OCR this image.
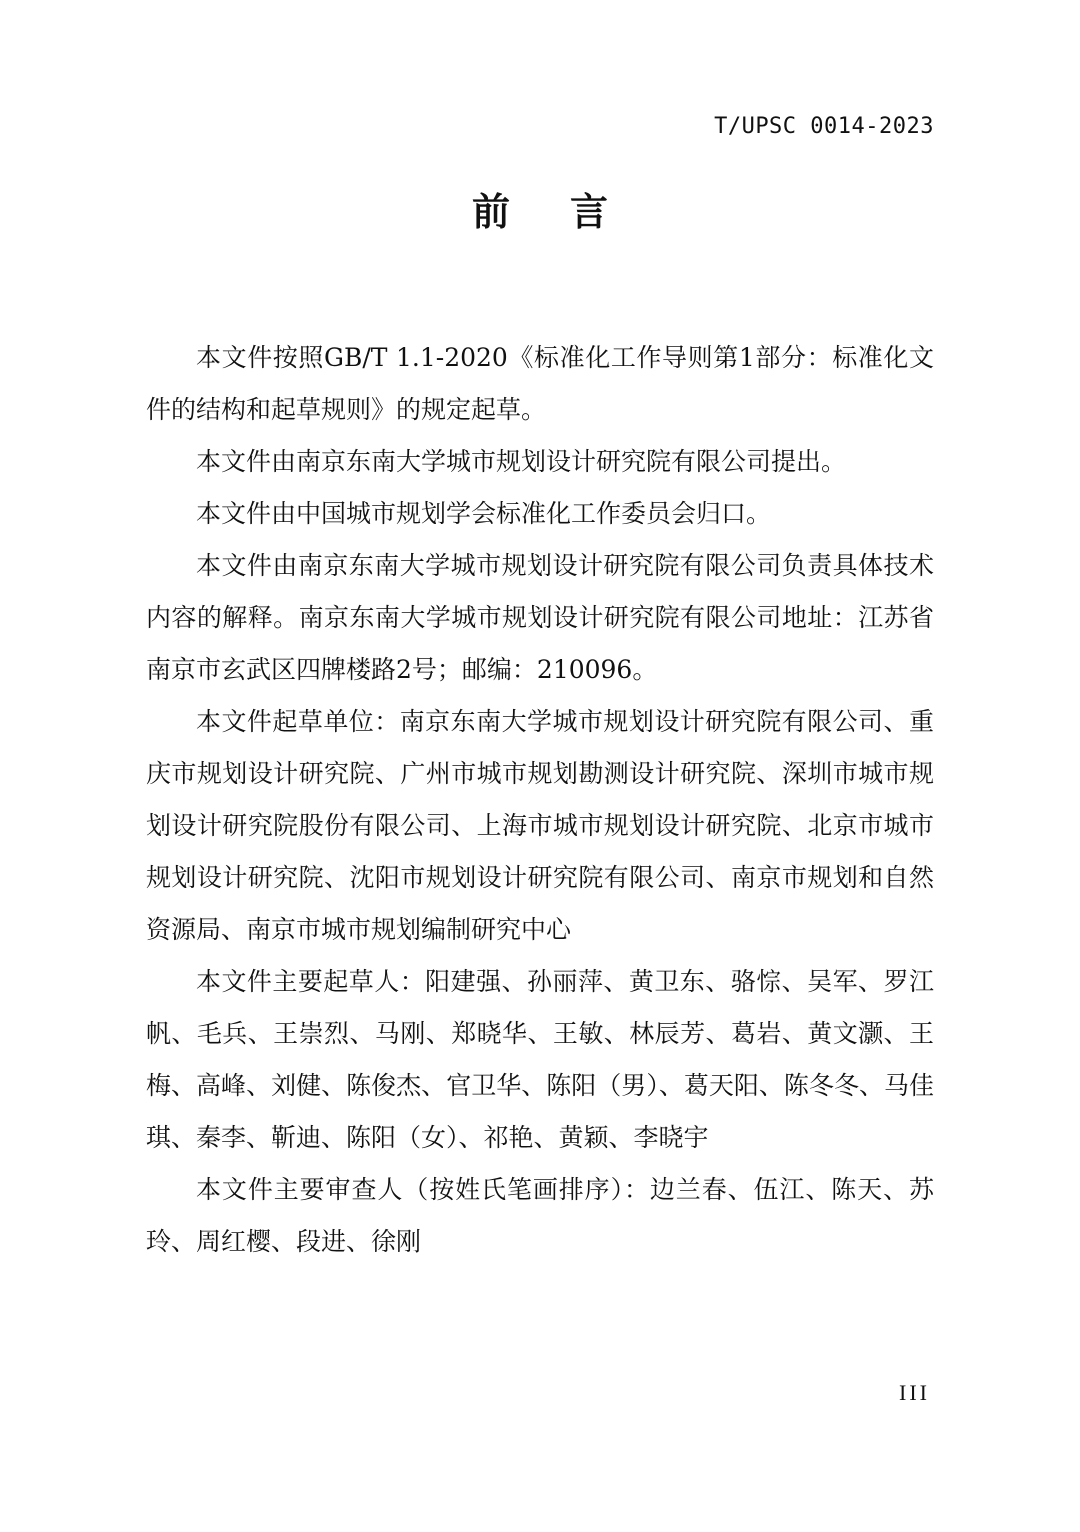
T/UPSC 0014-2023
前言

本文件按照GB/T 1.1-2020《标准化工作导则第1部分：标准化文件的结构和起草规则》的规定起草。

本文件由南京东南大学城市规划设计研究院有限公司提出。

本文件由中国城市规划学会标准化工作委员会归口。

本文件由南京东南大学城市规划设计研究院有限公司负责具体技术内容的解释。南京东南大学城市规划设计研究院有限公司地址：江苏省南京市玄武区四牌楼路2号；邮编：210096。

本文件起草单位：南京东南大学城市规划设计研究院有限公司、重庆市规划设计研究院、广州市城市规划勘测设计研究院、深圳市城市规划设计研究院股份有限公司、上海市城市规划设计研究院、北京市城市规划设计研究院、沈阳市规划设计研究院有限公司、南京市规划和自然资源局、南京市城市规划编制研究中心

本文件主要起草人：阳建强、孙丽萍、黄卫东、骆悰、吴军、罗江帆、毛兵、王崇烈、马刚、郑晓华、王敏、林辰芳、葛岩、黄文灏、王梅、高峰、刘健、陈俊杰、官卫华、陈阳（男）、葛天阳、陈冬冬、马佳琪、秦李、靳迪、陈阳（女）、祁艳、黄颖、李晓宇

本文件主要审查人（按姓氏笔画排序）：边兰春、伍江、陈天、苏玲、周红樱、段进、徐刚

III
